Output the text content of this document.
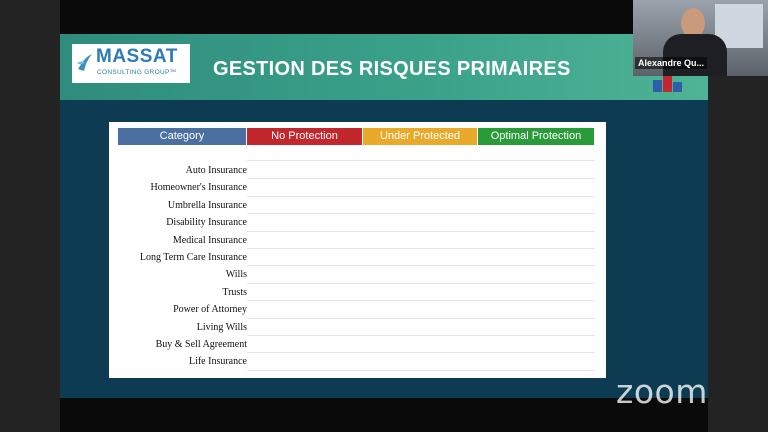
MASSAT
CONSULTING GROUP™ GESTION DES RISQUES PRIMAIRES
Category	No Protection	Under Protected	Optimal Protection
Auto Insurance
Homeowner's Insurance
Umbrella Insurance
Disability Insurance
Medical Insurance
Long Term Care Insurance
Wills
Trusts
Power of Attorney
Living Wills
Buy & Sell Agreement
Life Insurance
Alexandre Qu...
zoom
